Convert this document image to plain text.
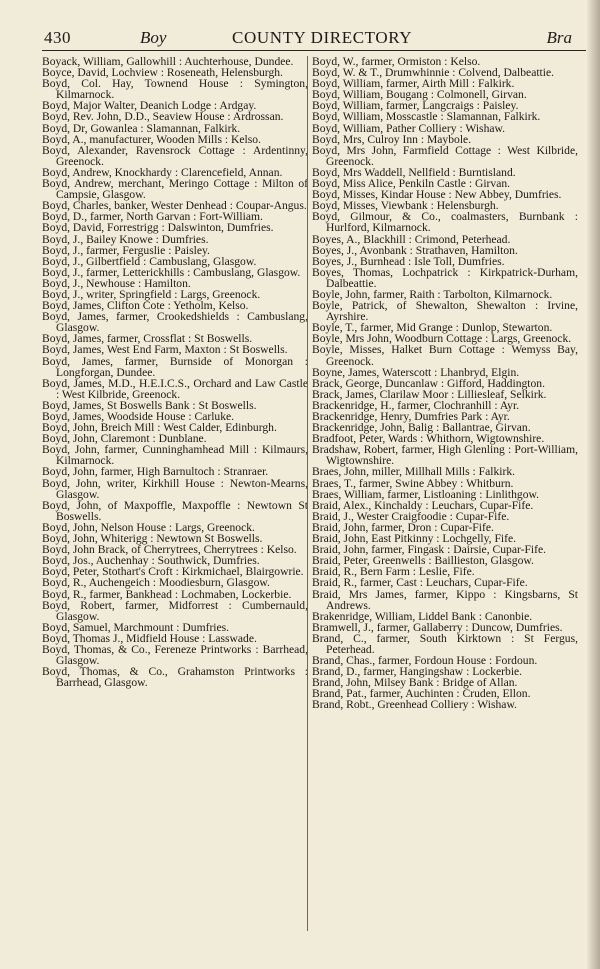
430	Boy	COUNTY DIRECTORY	Bra

Boyack, William, Gallowhill : Auchterhouse, Dundee.

Boyce, David, Lochview : Roseneath, Helensburgh.

Boyd, Col. Hay, Townend House : Symington, Kilmarnock.

Boyd, Major Walter, Deanich Lodge : Ardgay.

Boyd, Rev. John, D.D., Seaview House : Ardrossan.

Boyd, Dr, Gowanlea : Slamannan, Falkirk.

Boyd, A., manufacturer, Wooden Mills : Kelso.

Boyd, Alexander, Ravensrock Cottage : Ardentinny, Greenock.

Boyd, Andrew, Knockhardy : Clarencefield, Annan.

Boyd, Andrew, merchant, Meringo Cottage : Milton of Campsie, Glasgow.

Boyd, Charles, banker, Wester Denhead : Coupar-Angus.

Boyd, D., farmer, North Garvan : Fort-William.

Boyd, David, Forrestrigg : Dalswinton, Dumfries.

Boyd, J., Bailey Knowe : Dumfries.

Boyd, J., farmer, Ferguslie : Paisley.

Boyd, J., Gilbertfield : Cambuslang, Glasgow.

Boyd, J., farmer, Letterickhills : Cambuslang, Glasgow.

Boyd, J., Newhouse : Hamilton.

Boyd, J., writer, Springfield : Largs, Greenock.

Boyd, James, Clifton Cote : Yetholm, Kelso.

Boyd, James, farmer, Crookedshields : Cambuslang, Glasgow.

Boyd, James, farmer, Crossflat : St Boswells.

Boyd, James, West End Farm, Maxton : St Boswells.

Boyd, James, farmer, Burnside of Monorgan : Longforgan, Dundee.

Boyd, James, M.D., H.E.I.C.S., Orchard and Law Castle : West Kilbride, Greenock.

Boyd, James, St Boswells Bank : St Boswells.

Boyd, James, Woodside House : Carluke.

Boyd, John, Breich Mill : West Calder, Edinburgh.

Boyd, John, Claremont : Dunblane.

Boyd, John, farmer, Cunninghamhead Mill : Kilmaurs, Kilmarnock.

Boyd, John, farmer, High Barnultoch : Stranraer.

Boyd, John, writer, Kirkhill House : Newton-Mearns, Glasgow.

Boyd, John, of Maxpoffle, Maxpoffle : Newtown St Boswells.

Boyd, John, Nelson House : Largs, Greenock.

Boyd, John, Whiterigg : Newtown St Boswells.

Boyd, John Brack, of Cherrytrees, Cherrytrees : Kelso.

Boyd, Jos., Auchenhay : Southwick, Dumfries.

Boyd, Peter, Stothart's Croft : Kirkmichael, Blairgowrie.

Boyd, R., Auchengeich : Moodiesburn, Glasgow.

Boyd, R., farmer, Bankhead : Lochmaben, Lockerbie.

Boyd, Robert, farmer, Midforrest : Cumbernauld, Glasgow.

Boyd, Samuel, Marchmount : Dumfries.

Boyd, Thomas J., Midfield House : Lasswade.

Boyd, Thomas, & Co., Fereneze Printworks : Barrhead, Glasgow.

Boyd, Thomas, & Co., Grahamston Printworks : Barrhead, Glasgow.

Boyd, W., farmer, Ormiston : Kelso.

Boyd, W. & T., Drumwhinnie : Colvend, Dalbeattie.

Boyd, William, farmer, Airth Mill : Falkirk.

Boyd, William, Bougang : Colmonell, Girvan.

Boyd, William, farmer, Langcraigs : Paisley.

Boyd, William, Mosscastle : Slamannan, Falkirk.

Boyd, William, Pather Colliery : Wishaw.

Boyd, Mrs, Culroy Inn : Maybole.

Boyd, Mrs John, Farmfield Cottage : West Kilbride, Greenock.

Boyd, Mrs Waddell, Nellfield : Burntisland.

Boyd, Miss Alice, Penkiln Castle : Girvan.

Boyd, Misses, Kindar House : New Abbey, Dumfries.

Boyd, Misses, Viewbank : Helensburgh.

Boyd, Gilmour, & Co., coalmasters, Burnbank : Hurlford, Kilmarnock.

Boyes, A., Blackhill : Crimond, Peterhead.

Boyes, J., Avonbank : Strathaven, Hamilton.

Boyes, J., Burnhead : Isle Toll, Dumfries.

Boyes, Thomas, Lochpatrick : Kirkpatrick-Durham, Dalbeattie.

Boyle, John, farmer, Raith : Tarbolton, Kilmarnock.

Boyle, Patrick, of Shewalton, Shewalton : Irvine, Ayrshire.

Boyle, T., farmer, Mid Grange : Dunlop, Stewarton.

Boyle, Mrs John, Woodburn Cottage : Largs, Greenock.

Boyle, Misses, Halket Burn Cottage : Wemyss Bay, Greenock.

Boyne, James, Waterscott : Lhanbryd, Elgin.

Brack, George, Duncanlaw : Gifford, Haddington.

Brack, James, Clarilaw Moor : Lilliesleaf, Selkirk.

Brackenridge, H., farmer, Clochranhill : Ayr.

Brackenridge, Henry, Dumfries Park : Ayr.

Brackenridge, John, Balig : Ballantrae, Girvan.

Bradfoot, Peter, Wards : Whithorn, Wigtownshire.

Bradshaw, Robert, farmer, High Glenling : Port-William, Wigtownshire.

Braes, John, miller, Millhall Mills : Falkirk.

Braes, T., farmer, Swine Abbey : Whitburn.

Braes, William, farmer, Listloaning : Linlithgow.

Braid, Alex., Kinchaldy : Leuchars, Cupar-Fife.

Braid, J., Wester Craigfoodie : Cupar-Fife.

Braid, John, farmer, Dron : Cupar-Fife.

Braid, John, East Pitkinny : Lochgelly, Fife.

Braid, John, farmer, Fingask : Dairsie, Cupar-Fife.

Braid, Peter, Greenwells : Baillieston, Glasgow.

Braid, R., Bern Farm : Leslie, Fife.

Braid, R., farmer, Cast : Leuchars, Cupar-Fife.

Braid, Mrs James, farmer, Kippo : Kingsbarns, St Andrews.

Brakenridge, William, Liddel Bank : Canonbie.

Bramwell, J., farmer, Gallaberry : Duncow, Dumfries.

Brand, C., farmer, South Kirktown : St Fergus, Peterhead.

Brand, Chas., farmer, Fordoun House : Fordoun.

Brand, D., farmer, Hangingshaw : Lockerbie.

Brand, John, Milsey Bank : Bridge of Allan.

Brand, Pat., farmer, Auchinten : Cruden, Ellon.

Brand, Robt., Greenhead Colliery : Wishaw.
